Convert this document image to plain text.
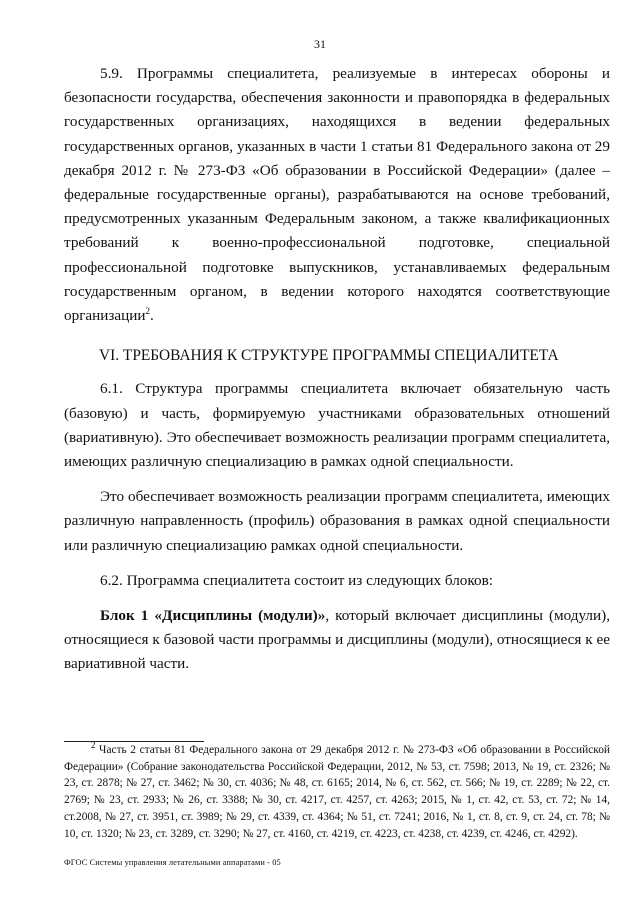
31

5.9. Программы специалитета, реализуемые в интересах обороны и безопасности государства, обеспечения законности и правопорядка в федеральных государственных организациях, находящихся в ведении федеральных государственных органов, указанных в части 1 статьи 81 Федерального закона от 29 декабря 2012 г. № 273-ФЗ «Об образовании в Российской Федерации» (далее – федеральные государственные органы), разрабатываются на основе требований, предусмотренных указанным Федеральным законом, а также квалификационных требований к военно-профессиональной подготовке, специальной профессиональной подготовке выпускников, устанавливаемых федеральным государственным органом, в ведении которого находятся соответствующие организации$^2$.

VI. ТРЕБОВАНИЯ К СТРУКТУРЕ ПРОГРАММЫ СПЕЦИАЛИТЕТА

6.1. Структура программы специалитета включает обязательную часть (базовую) и часть, формируемую участниками образовательных отношений (вариативную). Это обеспечивает возможность реализации программ специалитета, имеющих различную специализацию в рамках одной специальности.

Это обеспечивает возможность реализации программ специалитета, имеющих различную направленность (профиль) образования в рамках одной специальности или различную специализацию рамках одной специальности.

6.2. Программа специалитета состоит из следующих блоков:

Блок 1 «Дисциплины (модули)», который включает дисциплины (модули), относящиеся к базовой части программы и дисциплины (модули), относящиеся к ее вариативной части.

$^2$ Часть 2 статьи 81 Федерального закона от 29 декабря 2012 г. № 273-ФЗ «Об образовании в Российской Федерации» (Собрание законодательства Российской Федерации, 2012, № 53, ст. 7598; 2013, № 19, ст. 2326; № 23, ст. 2878; № 27, ст. 3462; № 30, ст. 4036; № 48, ст. 6165; 2014, № 6, ст. 562, ст. 566; № 19, ст. 2289; № 22, ст. 2769; № 23, ст. 2933; № 26, ст. 3388; № 30, ст. 4217, ст. 4257, ст. 4263; 2015, № 1, ст. 42, ст. 53, ст. 72; № 14, ст.2008, № 27, ст. 3951, ст. 3989; № 29, ст. 4339, ст. 4364; № 51, ст. 7241; 2016, № 1, ст. 8, ст. 9, ст. 24, ст. 78; № 10, ст. 1320; № 23, ст. 3289, ст. 3290; № 27, ст. 4160, ст. 4219, ст. 4223, ст. 4238, ст. 4239, ст. 4246, ст. 4292).
ФГОС Системы управления летательными аппаратами - 05
